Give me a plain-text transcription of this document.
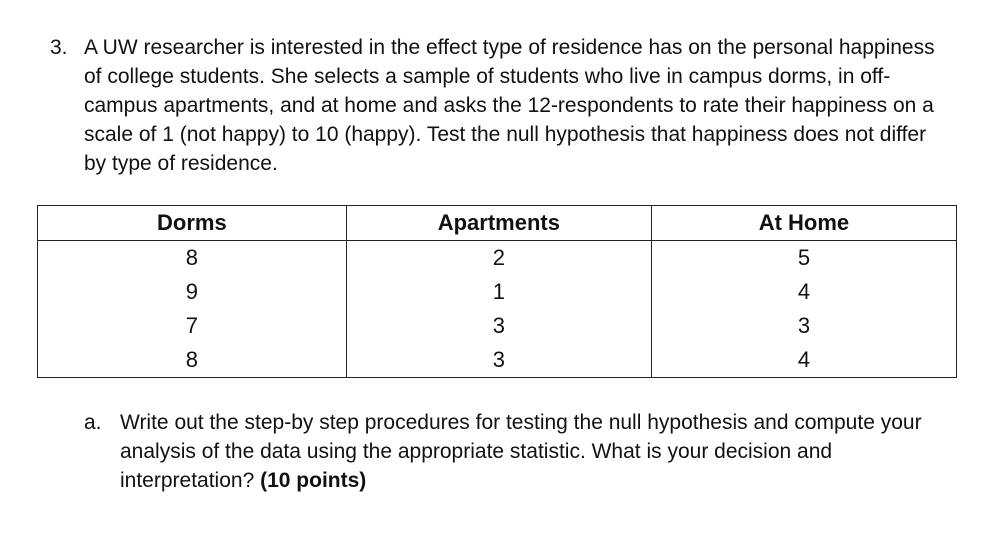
3. A UW researcher is interested in the effect type of residence has on the personal happiness of college students. She selects a sample of students who live in campus dorms, in off-campus apartments, and at home and asks the 12-respondents to rate their happiness on a scale of 1 (not happy) to 10 (happy). Test the null hypothesis that happiness does not differ by type of residence.
Dorms	Apartments	At Home
8	2	5
9	1	4
7	3	3
8	3	4
a. Write out the step-by step procedures for testing the null hypothesis and compute your analysis of the data using the appropriate statistic. What is your decision and interpretation? (10 points)
